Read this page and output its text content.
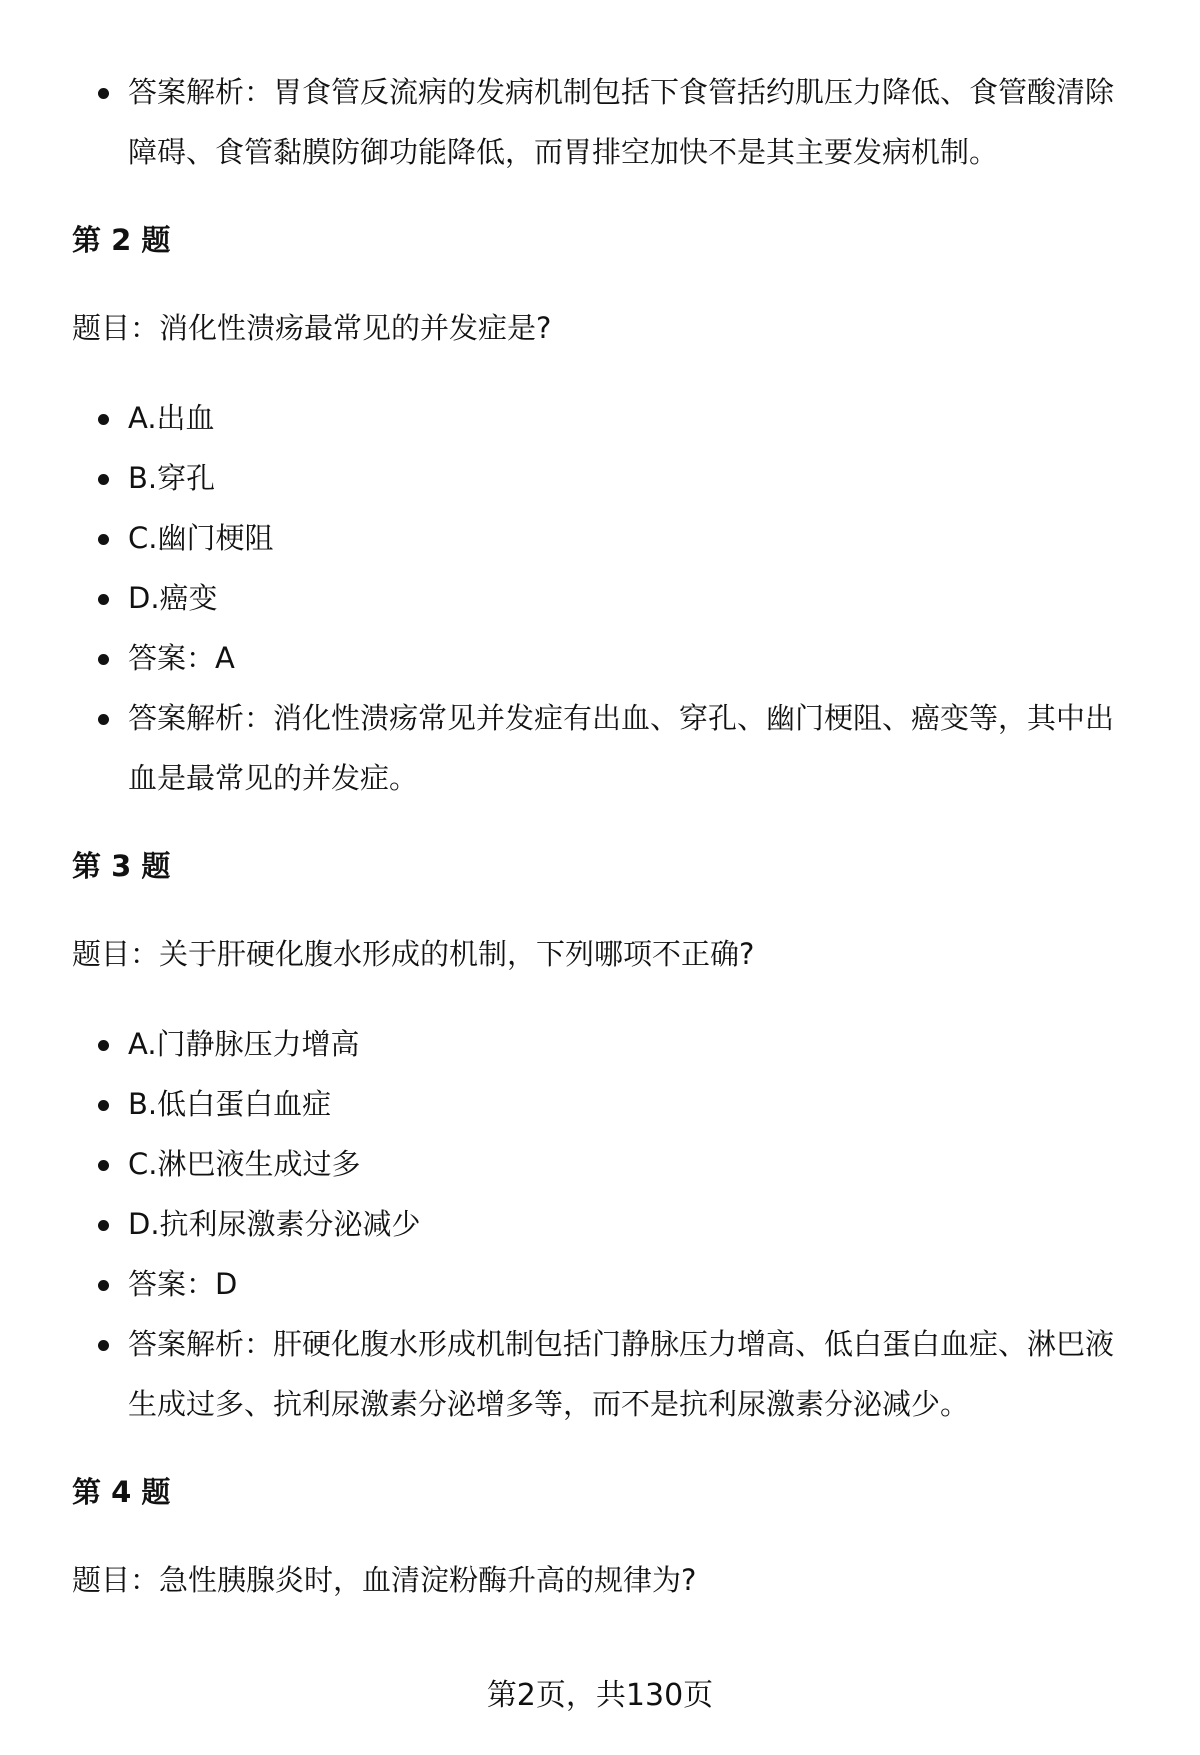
答案解析：胃食管反流病的发病机制包括下食管括约肌压力降低、食管酸清除障碍、食管黏膜防御功能降低，而胃排空加快不是其主要发病机制。
第 2 题
题目：消化性溃疡最常见的并发症是?
A.出血
B.穿孔
C.幽门梗阻
D.癌变
答案：A
答案解析：消化性溃疡常见并发症有出血、穿孔、幽门梗阻、癌变等，其中出血是最常见的并发症。
第 3 题
题目：关于肝硬化腹水形成的机制，下列哪项不正确?
A.门静脉压力增高
B.低白蛋白血症
C.淋巴液生成过多
D.抗利尿激素分泌减少
答案：D
答案解析：肝硬化腹水形成机制包括门静脉压力增高、低白蛋白血症、淋巴液生成过多、抗利尿激素分泌增多等，而不是抗利尿激素分泌减少。
第 4 题
题目：急性胰腺炎时，血清淀粉酶升高的规律为?
第2页，共130页
